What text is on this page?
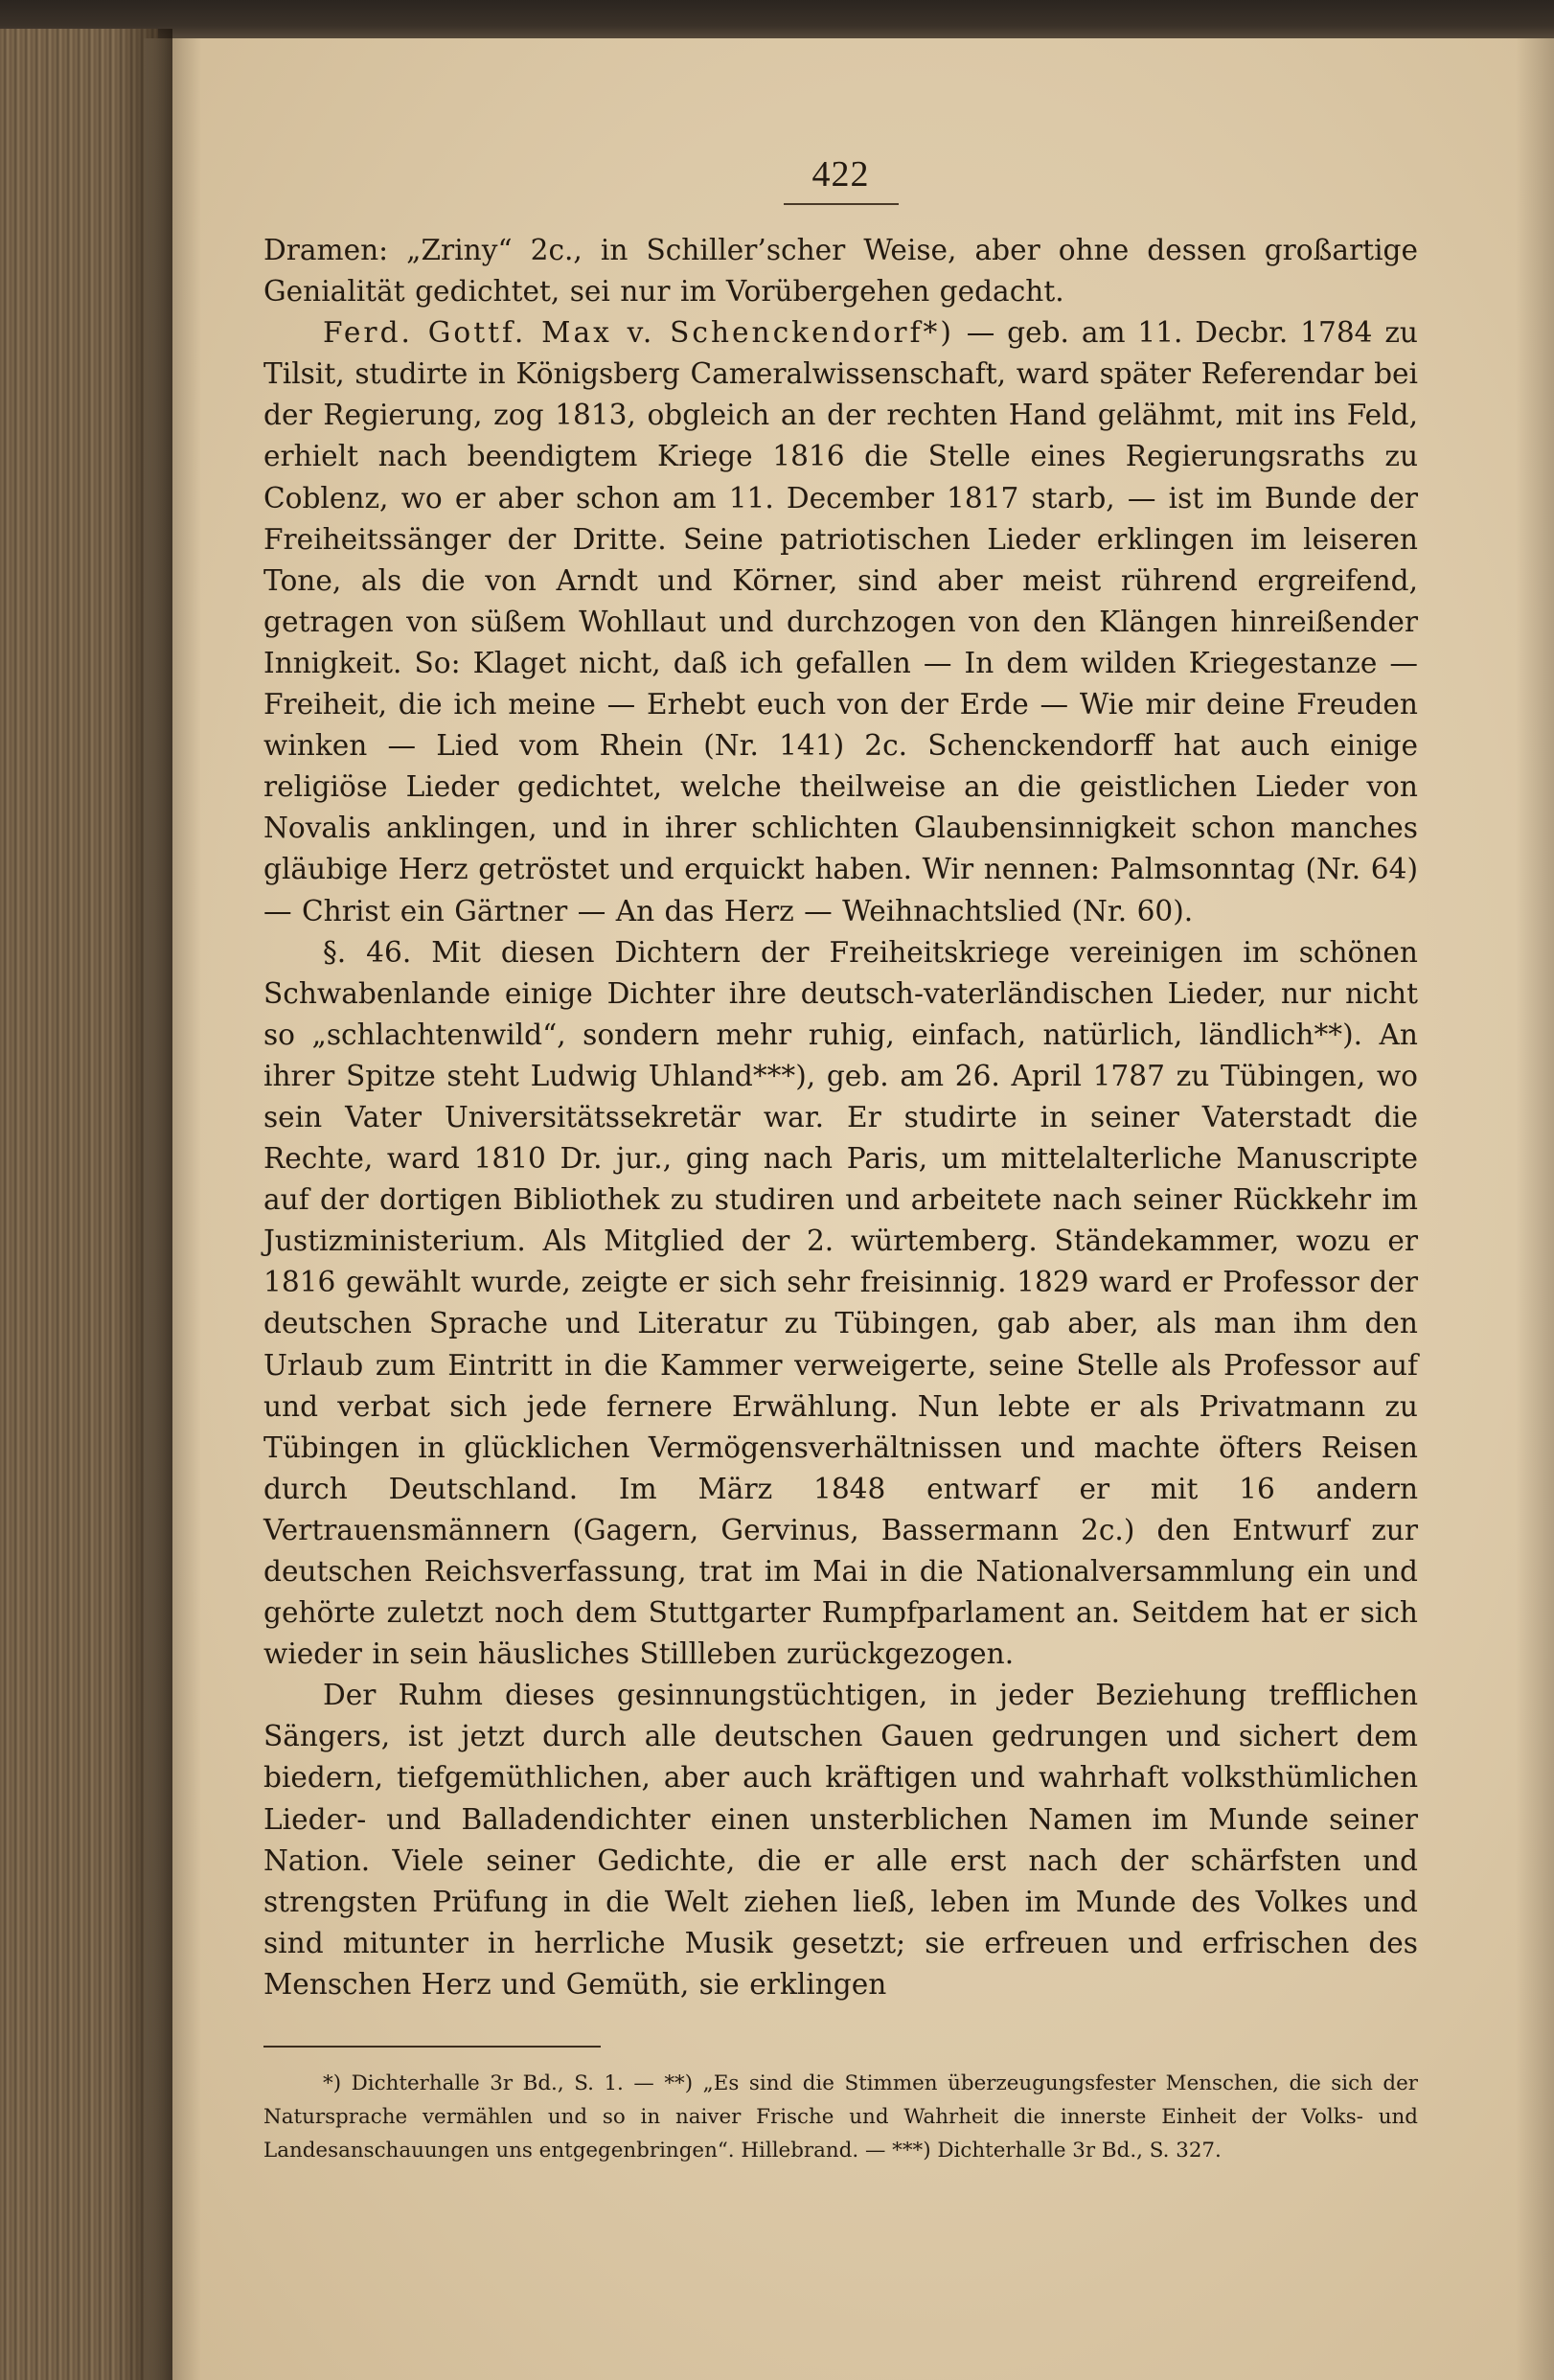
422

Dramen: „Zriny“ 2c., in Schiller’scher Weise, aber ohne dessen großartige Genialität gedichtet, sei nur im Vorübergehen gedacht.

Ferd. Gottf. Max v. Schenckendorf*) — geb. am 11. Decbr. 1784 zu Tilsit, studirte in Königsberg Cameralwissenschaft, ward später Referendar bei der Regierung, zog 1813, obgleich an der rechten Hand gelähmt, mit ins Feld, erhielt nach beendigtem Kriege 1816 die Stelle eines Regierungsraths zu Coblenz, wo er aber schon am 11. December 1817 starb, — ist im Bunde der Freiheitssänger der Dritte. Seine patriotischen Lieder erklingen im leiseren Tone, als die von Arndt und Körner, sind aber meist rührend ergreifend, getragen von süßem Wohllaut und durchzogen von den Klängen hinreißender Innigkeit. So: Klaget nicht, daß ich gefallen — In dem wilden Kriegestanze — Freiheit, die ich meine — Erhebt euch von der Erde — Wie mir deine Freuden winken — Lied vom Rhein (Nr. 141) 2c. Schenckendorff hat auch einige religiöse Lieder gedichtet, welche theilweise an die geistlichen Lieder von Novalis anklingen, und in ihrer schlichten Glaubensinnigkeit schon manches gläubige Herz getröstet und erquickt haben. Wir nennen: Palmsonntag (Nr. 64) — Christ ein Gärtner — An das Herz — Weihnachtslied (Nr. 60).

§. 46. Mit diesen Dichtern der Freiheitskriege vereinigen im schönen Schwabenlande einige Dichter ihre deutsch-vaterländischen Lieder, nur nicht so „schlachtenwild“, sondern mehr ruhig, einfach, natürlich, ländlich**). An ihrer Spitze steht Ludwig Uhland***), geb. am 26. April 1787 zu Tübingen, wo sein Vater Universitätssekretär war. Er studirte in seiner Vaterstadt die Rechte, ward 1810 Dr. jur., ging nach Paris, um mittelalterliche Manuscripte auf der dortigen Bibliothek zu studiren und arbeitete nach seiner Rückkehr im Justizministerium. Als Mitglied der 2. würtemberg. Ständekammer, wozu er 1816 gewählt wurde, zeigte er sich sehr freisinnig. 1829 ward er Professor der deutschen Sprache und Literatur zu Tübingen, gab aber, als man ihm den Urlaub zum Eintritt in die Kammer verweigerte, seine Stelle als Professor auf und verbat sich jede fernere Erwählung. Nun lebte er als Privatmann zu Tübingen in glücklichen Vermögensverhältnissen und machte öfters Reisen durch Deutschland. Im März 1848 entwarf er mit 16 andern Vertrauensmännern (Gagern, Gervinus, Bassermann 2c.) den Entwurf zur deutschen Reichsverfassung, trat im Mai in die Nationalversammlung ein und gehörte zuletzt noch dem Stuttgarter Rumpfparlament an. Seitdem hat er sich wieder in sein häusliches Stillleben zurückgezogen.

Der Ruhm dieses gesinnungstüchtigen, in jeder Beziehung trefflichen Sängers, ist jetzt durch alle deutschen Gauen gedrungen und sichert dem biedern, tiefgemüthlichen, aber auch kräftigen und wahrhaft volksthümlichen Lieder- und Balladendichter einen unsterblichen Namen im Munde seiner Nation. Viele seiner Gedichte, die er alle erst nach der schärfsten und strengsten Prüfung in die Welt ziehen ließ, leben im Munde des Volkes und sind mitunter in herrliche Musik gesetzt; sie erfreuen und erfrischen des Menschen Herz und Gemüth, sie erklingen

*) Dichterhalle 3r Bd., S. 1. — **) „Es sind die Stimmen überzeugungsfester Menschen, die sich der Natursprache vermählen und so in naiver Frische und Wahrheit die innerste Einheit der Volks- und Landesanschauungen uns entgegenbringen“. Hillebrand. — ***) Dichterhalle 3r Bd., S. 327.
